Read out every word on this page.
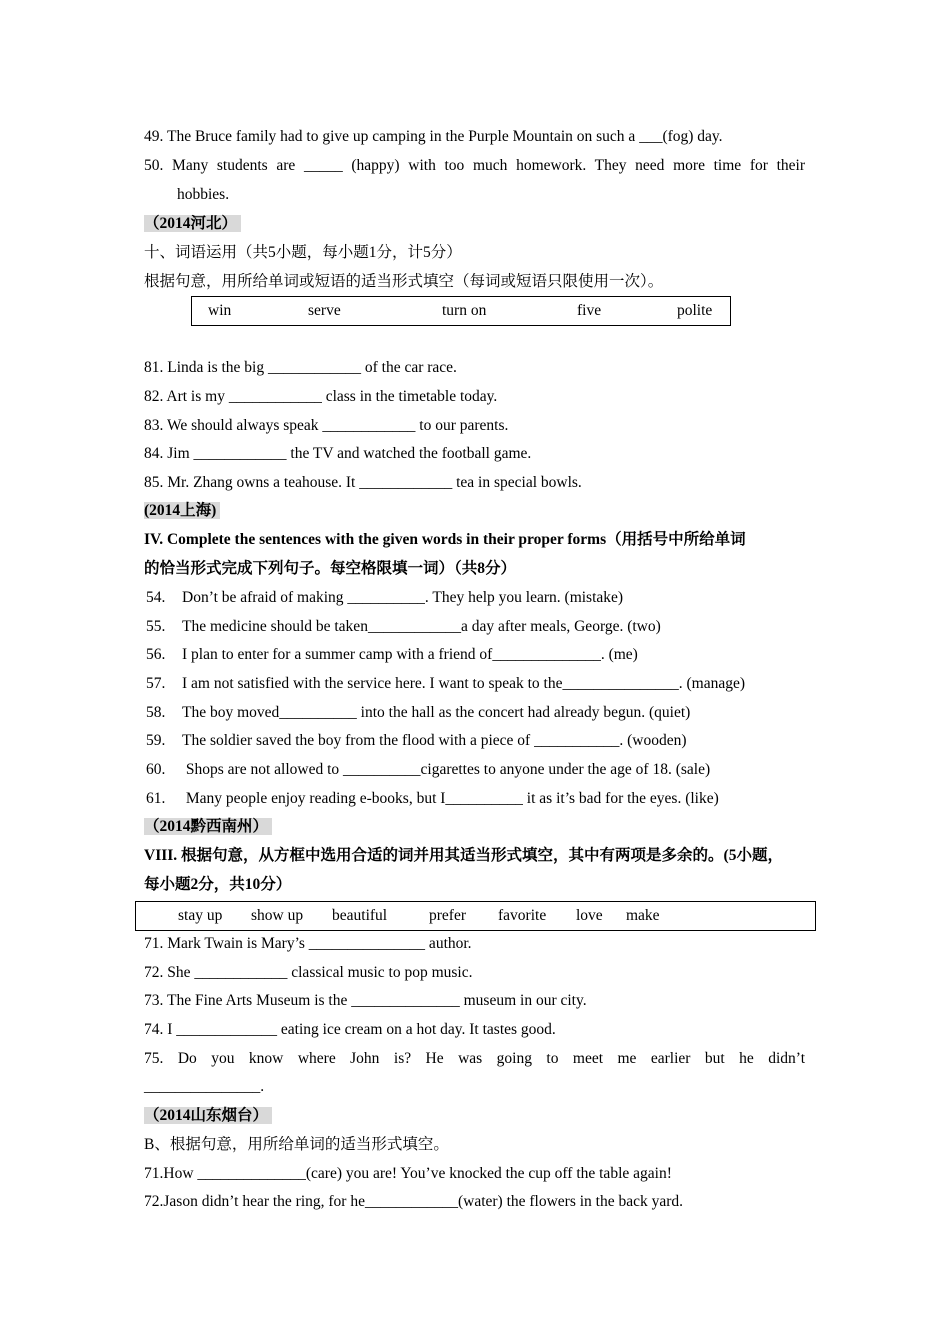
49. The Bruce family had to give up camping in the Purple Mountain on such a ___(fog) day.
50. Many students are _____ (happy) with too much homework. They need more time for their
hobbies.
（2014河北）
十、词语运用（共5小题，每小题1分，计5分）
根据句意，用所给单词或短语的适当形式填空（每词或短语只限使用一次）。
win	serve	turn on	five	polite
81. Linda is the big ____________ of the car race.
82. Art is my ____________ class in the timetable today.
83. We should always speak ____________ to our parents.
84. Jim ____________ the TV and watched the football game.
85. Mr. Zhang owns a teahouse. It ____________ tea in special bowls.
(2014上海)
IV. Complete the sentences with the given words in their proper forms（用括号中所给单词
的恰当形式完成下列句子。每空格限填一词）（共8分）
54. Don’t be afraid of making __________. They help you learn. (mistake)
55. The medicine should be taken____________a day after meals, George. (two)
56. I plan to enter for a summer camp with a friend of______________. (me)
57. I am not satisfied with the service here. I want to speak to the_______________. (manage)
58. The boy moved__________ into the hall as the concert had already begun. (quiet)
59. The soldier saved the boy from the flood with a piece of ___________. (wooden)
60. Shops are not allowed to __________cigarettes to anyone under the age of 18. (sale)
61. Many people enjoy reading e-books, but I__________ it as it’s bad for the eyes. (like)
（2014黔西南州）
VIII. 根据句意，从方框中选用合适的词并用其适当形式填空，其中有两项是多余的。(5小题，
每小题2分，共10分）
stay up show up beautiful	prefer favorite love make
71. Mark Twain is Mary’s _______________ author.
72. She ____________ classical music to pop music.
73. The Fine Arts Museum is the ______________ museum in our city.
74. I _____________ eating ice cream on a hot day. It tastes good.
75. Do you know where John is? He was going to meet me earlier but he didn’t
_______________.
（2014山东烟台）
B、根据句意，用所给单词的适当形式填空。
71.How ______________(care) you are! You’ve knocked the cup off the table again!
72.Jason didn’t hear the ring, for he____________(water) the flowers in the back yard.
